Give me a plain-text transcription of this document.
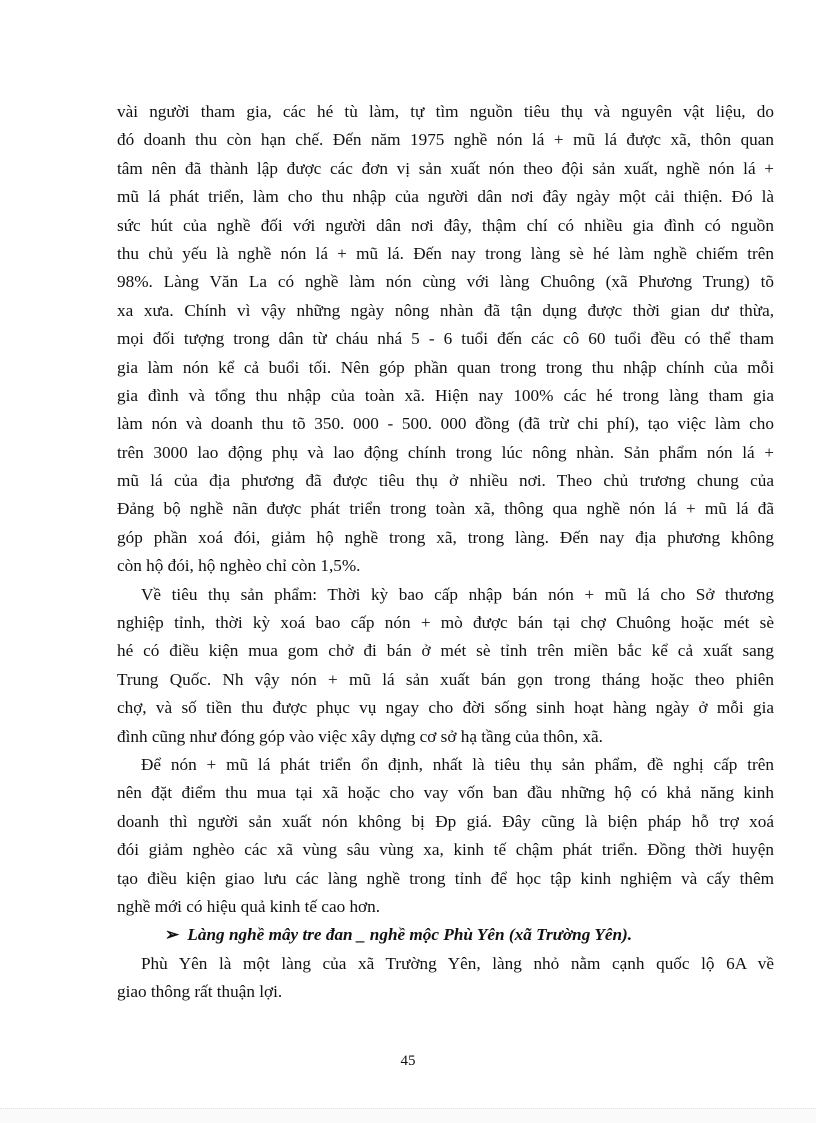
vài người tham gia, các hé tù làm, tự tìm nguồn tiêu thụ và nguyên vật liệu, do
đó doanh thu còn hạn chế. Đến năm 1975 nghề nón lá + mũ lá được xã, thôn quan
tâm nên đã thành lập được các đơn vị sản xuất nón theo đội sản xuất, nghề nón lá +
mũ lá phát triển, làm cho thu nhập của người dân nơi đây ngày một cải thiện. Đó là
sức hút của nghề đối với người dân nơi đây, thậm chí có nhiều gia đình có nguồn
thu chủ yếu là nghề nón lá + mũ lá. Đến nay trong làng sè hé làm nghề chiếm trên
98%. Làng Văn La có nghề làm nón cùng với làng Chuông (xã Phương Trung) tõ
xa xưa. Chính vì vậy những ngày nông nhàn đã tận dụng được thời gian dư thừa,
mọi đối tượng trong dân từ cháu nhá 5 - 6 tuổi đến các cô 60 tuổi đều có thể tham
gia làm nón kể cả buổi tối. Nên góp phần quan trong trong thu nhập chính của mỗi
gia đình và tổng thu nhập của toàn xã. Hiện nay 100% các hé trong làng tham gia
làm nón và doanh thu tõ 350. 000 - 500. 000 đồng (đã trừ chi phí), tạo việc làm cho
trên 3000 lao động phụ và lao động chính trong lúc nông nhàn. Sản phẩm nón lá +
mũ lá của địa phương đã được tiêu thụ ở nhiều nơi. Theo chủ trương chung của
Đảng bộ nghề nãn được phát triển trong toàn xã, thông qua nghề nón lá + mũ lá đã
góp phần xoá đói, giảm hộ nghề trong xã, trong làng. Đến nay địa phương không
còn hộ đói, hộ nghèo chỉ còn 1,5%.
Về tiêu thụ sản phẩm: Thời kỳ bao cấp nhập bán nón + mũ lá cho Sở thương
nghiệp tỉnh, thời kỳ xoá bao cấp nón + mò được bán tại chợ Chuông hoặc mét sè
hé có điều kiện mua gom chở đi bán ở mét sè tỉnh trên miền bắc kể cả xuất sang
Trung Quốc. Nh vậy nón + mũ lá sản xuất bán gọn trong tháng hoặc theo phiên
chợ, và số tiền thu được phục vụ ngay cho đời sống sinh hoạt hàng ngày ở mỗi gia
đình cũng như đóng góp vào việc xây dựng cơ sở hạ tầng của thôn, xã.
Để nón + mũ lá phát triển ổn định, nhất là tiêu thụ sản phẩm, đề nghị cấp trên
nên đặt điểm thu mua tại xã hoặc cho vay vốn ban đầu những hộ có khả năng kinh
doanh thì người sản xuất nón không bị Ðp giá. Đây cũng là biện pháp hỗ trợ xoá
đói giảm nghèo các xã vùng sâu vùng xa, kinh tế chậm phát triển. Đồng thời huyện
tạo điều kiện giao lưu các làng nghề trong tỉnh để học tập kinh nghiệm và cấy thêm
nghề mới có hiệu quả kinh tế cao hơn.
➢ Làng nghề mây tre đan _ nghề mộc Phù Yên (xã Trường Yên).
Phù Yên là một làng của xã Trường Yên, làng nhỏ nằm cạnh quốc lộ 6A về
giao thông rất thuận lợi.
45
